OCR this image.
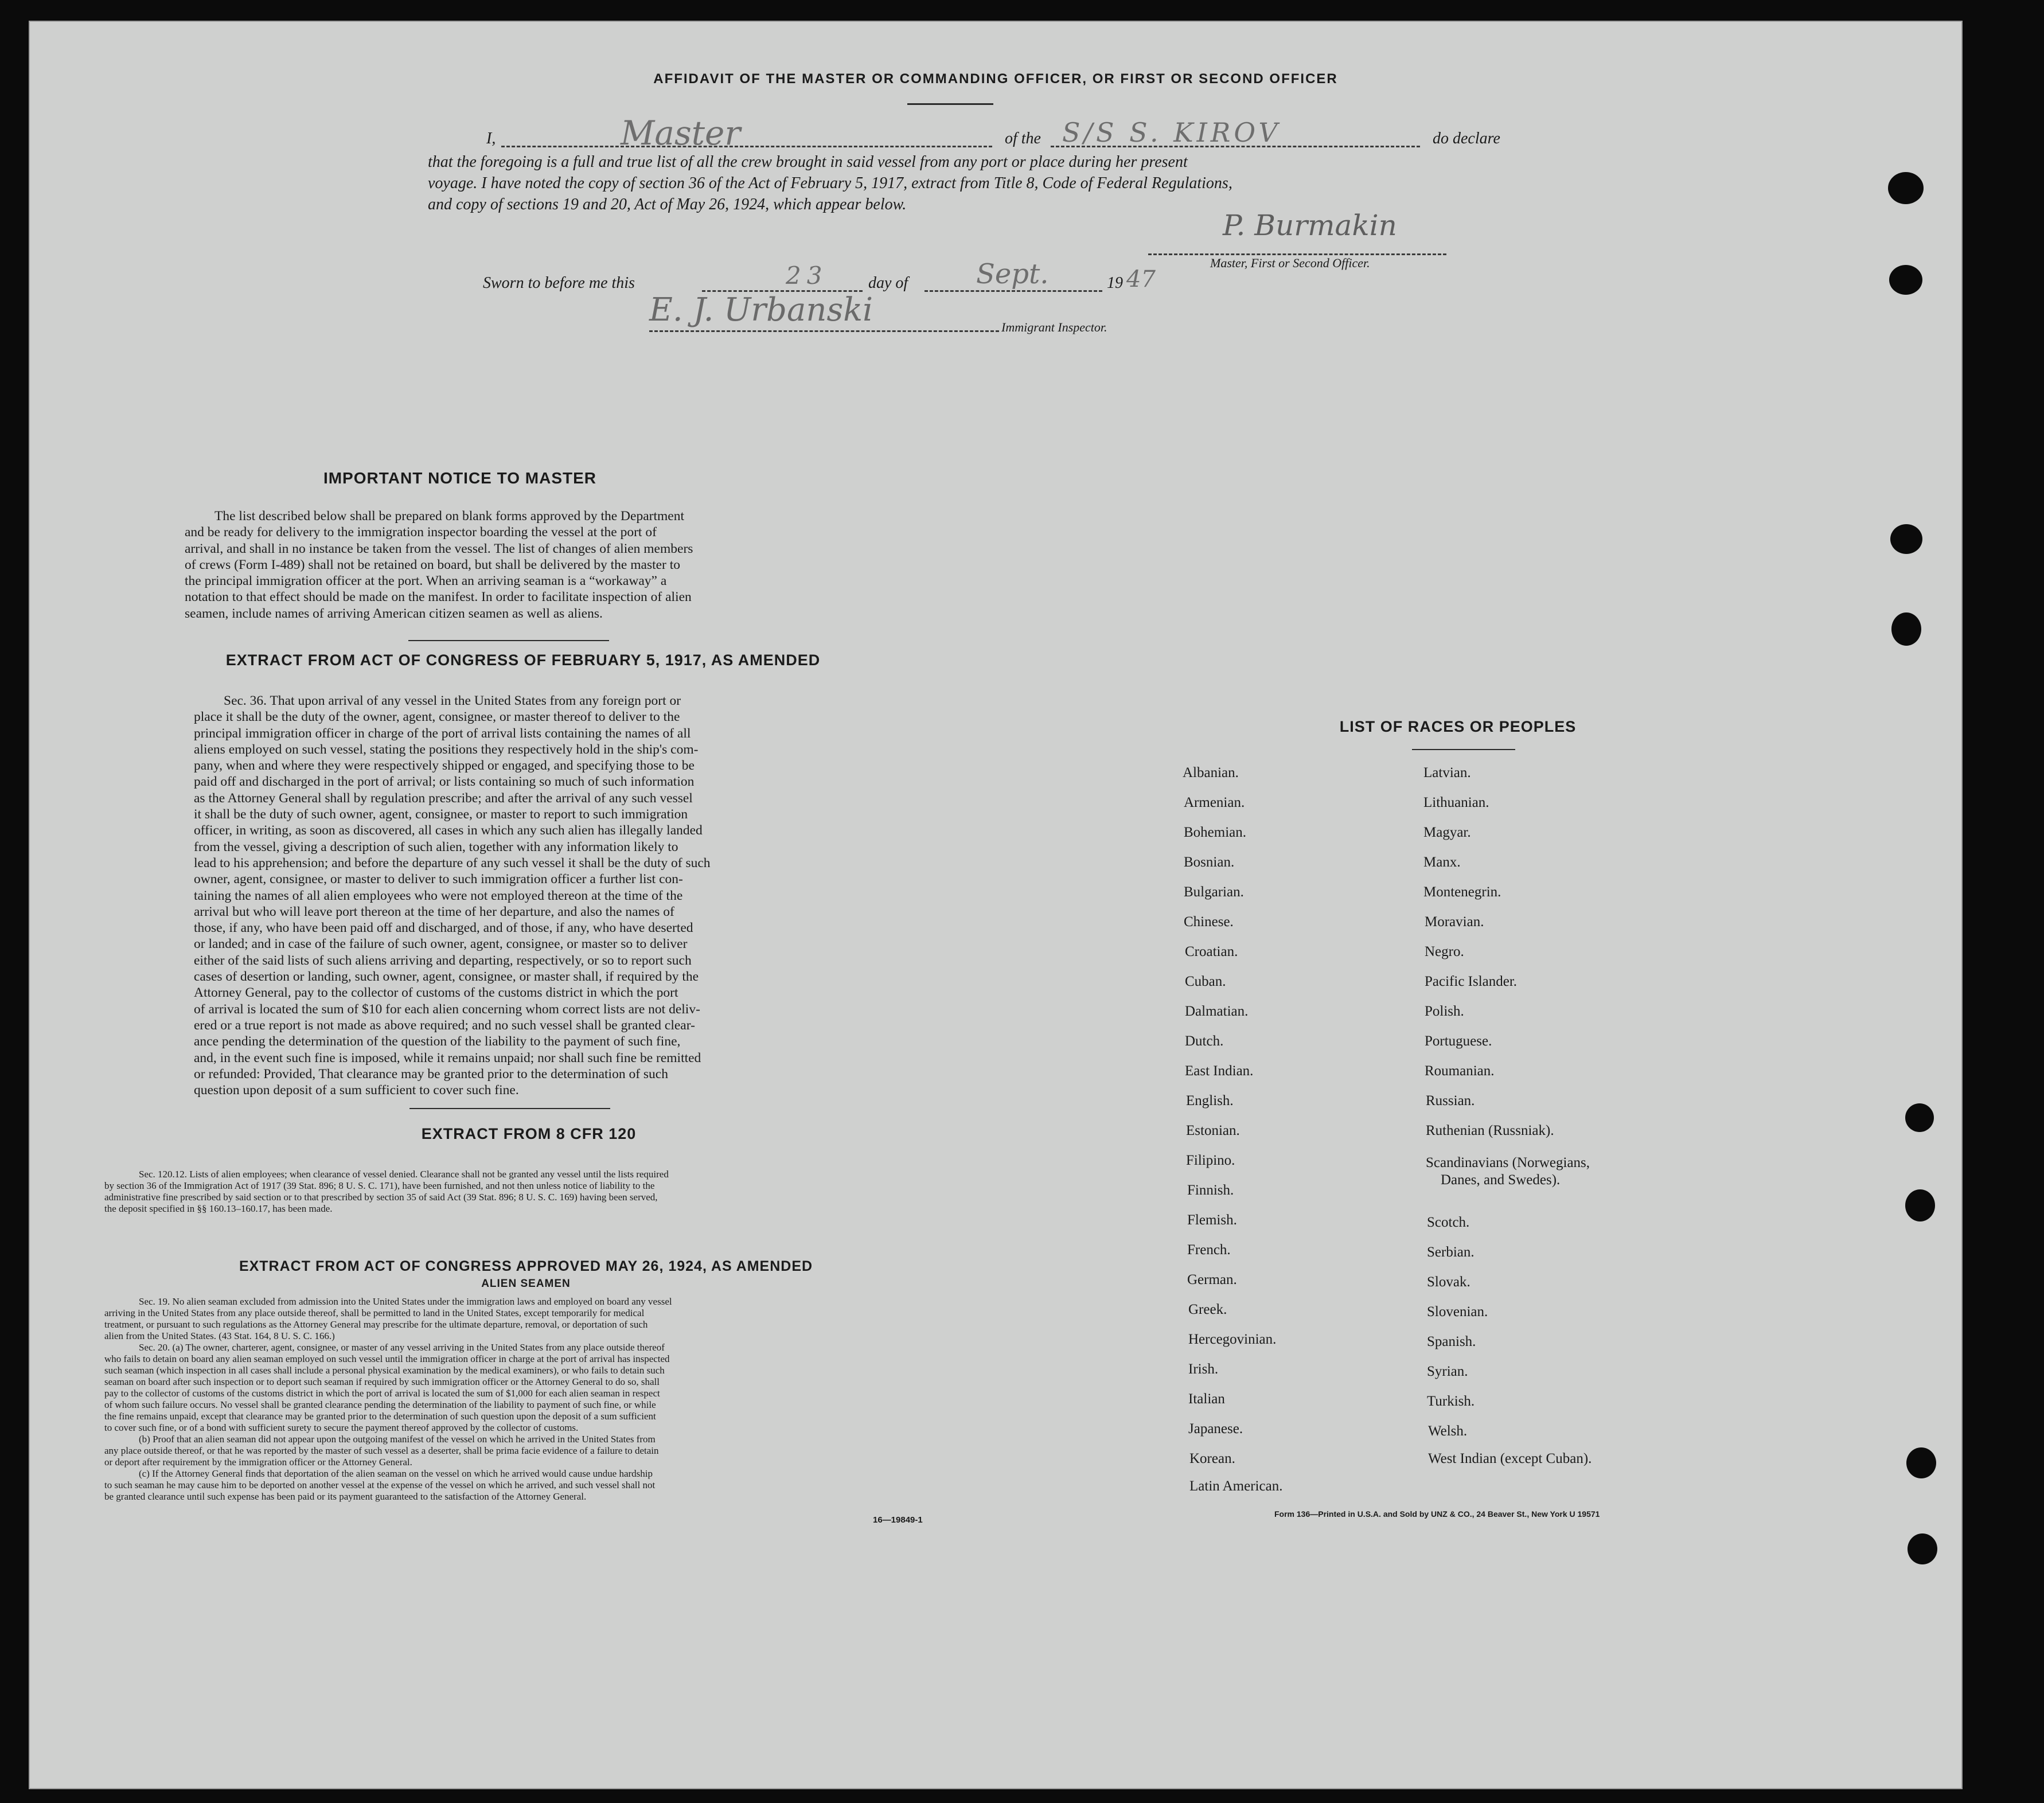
AFFIDAVIT OF THE MASTER OR COMMANDING OFFICER, OR FIRST OR SECOND OFFICER
I,	Master	of the S/S S. KIROV	do declare
that the foregoing is a full and true list of all the crew brought in said vessel from any port or place during her present
voyage. I have noted the copy of section 36 of the Act of February 5, 1917, extract from Title 8, Code of Federal Regulations,
and copy of sections 19 and 20, Act of May 26, 1924, which appear below.
P. Burmakin
Master, First or Second Officer.
Sworn to before me this	23	day of Sept.	19 47
E. J. Urbanski	Immigrant Inspector.
IMPORTANT NOTICE TO MASTER
The list described below shall be prepared on blank forms approved by the Department
and be ready for delivery to the immigration inspector boarding the vessel at the port of
arrival, and shall in no instance be taken from the vessel. The list of changes of alien members
of crews (Form I-489) shall not be retained on board, but shall be delivered by the master to
the principal immigration officer at the port. When an arriving seaman is a “workaway” a
notation to that effect should be made on the manifest. In order to facilitate inspection of alien
seamen, include names of arriving American citizen seamen as well as aliens.
EXTRACT FROM ACT OF CONGRESS OF FEBRUARY 5, 1917, AS AMENDED
Sec. 36. That upon arrival of any vessel in the United States from any foreign port or
place it shall be the duty of the owner, agent, consignee, or master thereof to deliver to the
principal immigration officer in charge of the port of arrival lists containing the names of all
aliens employed on such vessel, stating the positions they respectively hold in the ship's com-
pany, when and where they were respectively shipped or engaged, and specifying those to be
paid off and discharged in the port of arrival; or lists containing so much of such information
as the Attorney General shall by regulation prescribe; and after the arrival of any such vessel
it shall be the duty of such owner, agent, consignee, or master to report to such immigration
officer, in writing, as soon as discovered, all cases in which any such alien has illegally landed
from the vessel, giving a description of such alien, together with any information likely to
lead to his apprehension; and before the departure of any such vessel it shall be the duty of such
owner, agent, consignee, or master to deliver to such immigration officer a further list con-
taining the names of all alien employees who were not employed thereon at the time of the
arrival but who will leave port thereon at the time of her departure, and also the names of
those, if any, who have been paid off and discharged, and of those, if any, who have deserted
or landed; and in case of the failure of such owner, agent, consignee, or master so to deliver
either of the said lists of such aliens arriving and departing, respectively, or so to report such
cases of desertion or landing, such owner, agent, consignee, or master shall, if required by the
Attorney General, pay to the collector of customs of the customs district in which the port
of arrival is located the sum of $10 for each alien concerning whom correct lists are not deliv-
ered or a true report is not made as above required; and no such vessel shall be granted clear-
ance pending the determination of the question of the liability to the payment of such fine,
and, in the event such fine is imposed, while it remains unpaid; nor shall such fine be remitted
or refunded: Provided, That clearance may be granted prior to the determination of such
question upon deposit of a sum sufficient to cover such fine.
EXTRACT FROM 8 CFR 120
Sec. 120.12. Lists of alien employees; when clearance of vessel denied. Clearance shall not be granted any vessel until the lists required
by section 36 of the Immigration Act of 1917 (39 Stat. 896; 8 U. S. C. 171), have been furnished, and not then unless notice of liability to the
administrative fine prescribed by said section or to that prescribed by section 35 of said Act (39 Stat. 896; 8 U. S. C. 169) having been served,
the deposit specified in §§ 160.13–160.17, has been made.
EXTRACT FROM ACT OF CONGRESS APPROVED MAY 26, 1924, AS AMENDED
ALIEN SEAMEN
Sec. 19. No alien seaman excluded from admission into the United States under the immigration laws and employed on board any vessel
arriving in the United States from any place outside thereof, shall be permitted to land in the United States, except temporarily for medical
treatment, or pursuant to such regulations as the Attorney General may prescribe for the ultimate departure, removal, or deportation of such
alien from the United States. (43 Stat. 164, 8 U. S. C. 166.)
Sec. 20. (a) The owner, charterer, agent, consignee, or master of any vessel arriving in the United States from any place outside thereof
who fails to detain on board any alien seaman employed on such vessel until the immigration officer in charge at the port of arrival has inspected
such seaman (which inspection in all cases shall include a personal physical examination by the medical examiners), or who fails to detain such
seaman on board after such inspection or to deport such seaman if required by such immigration officer or the Attorney General to do so, shall
pay to the collector of customs of the customs district in which the port of arrival is located the sum of $1,000 for each alien seaman in respect
of whom such failure occurs. No vessel shall be granted clearance pending the determination of the liability to payment of such fine, or while
the fine remains unpaid, except that clearance may be granted prior to the determination of such question upon the deposit of a sum sufficient
to cover such fine, or of a bond with sufficient surety to secure the payment thereof approved by the collector of customs.
(b) Proof that an alien seaman did not appear upon the outgoing manifest of the vessel on which he arrived in the United States from
any place outside thereof, or that he was reported by the master of such vessel as a deserter, shall be prima facie evidence of a failure to detain
or deport after requirement by the immigration officer or the Attorney General.
(c) If the Attorney General finds that deportation of the alien seaman on the vessel on which he arrived would cause undue hardship
to such seaman he may cause him to be deported on another vessel at the expense of the vessel on which he arrived, and such vessel shall not
be granted clearance until such expense has been paid or its payment guaranteed to the satisfaction of the Attorney General.
16—19849-1
LIST OF RACES OR PEOPLES
Albanian.
Armenian.
Bohemian.
Bosnian.
Bulgarian.
Chinese.
Croatian.
Cuban.
Dalmatian.
Dutch.
East Indian.
English.
Estonian.
Filipino.
Finnish.
Flemish.
French.
German.
Greek.
Hercegovinian.
Irish.
Italian
Japanese.
Korean.
Latin American.
Latvian.
Lithuanian.
Magyar.
Manx.
Montenegrin.
Moravian.
Negro.
Pacific Islander.
Polish.
Portuguese.
Roumanian.
Russian.
Ruthenian (Russniak).
Scandinavians (Norwegians,
Danes, and Swedes).
Scotch.
Serbian.
Slovak.
Slovenian.
Spanish.
Syrian.
Turkish.
Welsh.
West Indian (except Cuban).
Form 136—Printed in U.S.A. and Sold by UNZ & CO., 24 Beaver St., New York U 19571
